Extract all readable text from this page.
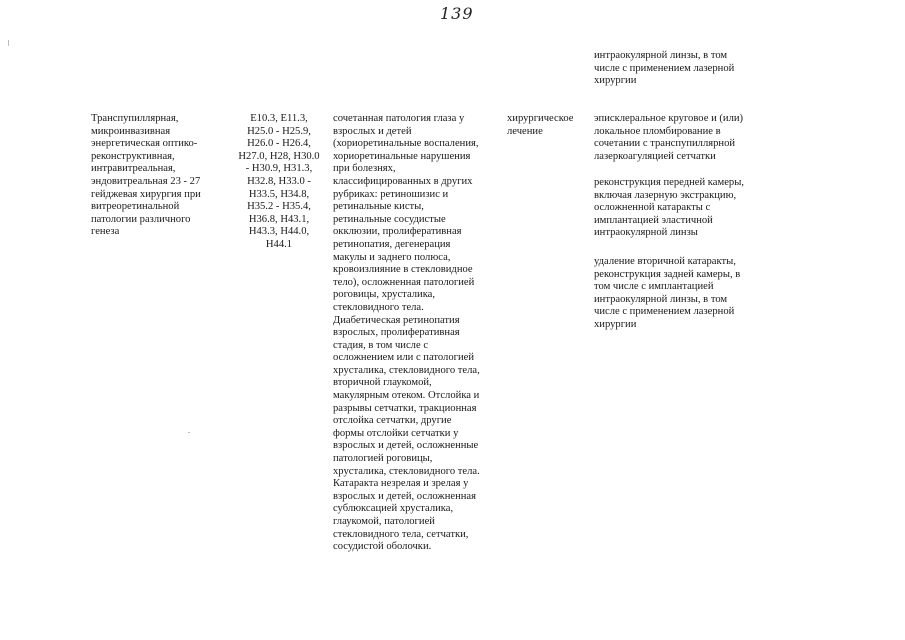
139
Транспупиллярная,
микроинвазивная
энергетическая оптико-
реконструктивная,
интравитреальная,
эндовитреальная 23 - 27
гейджевая хирургия при
витреоретинальной
патологии различного
генеза
E10.3, E11.3,
H25.0 - H25.9,
H26.0 - H26.4,
H27.0, H28, H30.0
- H30.9, H31.3,
H32.8, H33.0 -
H33.5, H34.8,
H35.2 - H35.4,
H36.8, H43.1,
H43.3, H44.0,
H44.1
сочетанная патология глаза у
взрослых и детей
(хориоретинальные воспаления,
хориоретинальные нарушения
при болезнях,
классифицированных в других
рубриках: ретиношизис и
ретинальные кисты,
ретинальные сосудистые
окклюзии, пролиферативная
ретинопатия, дегенерация
макулы и заднего полюса,
кровоизлияние в стекловидное
тело), осложненная патологией
роговицы, хрусталика,
стекловидного тела.
Диабетическая ретинопатия
взрослых, пролиферативная
стадия, в том числе с
осложнением или с патологией
хрусталика, стекловидного тела,
вторичной глаукомой,
макулярным отеком. Отслойка и
разрывы сетчатки, тракционная
отслойка сетчатки, другие
формы отслойки сетчатки у
взрослых и детей, осложненные
патологией роговицы,
хрусталика, стекловидного тела.
Катаракта незрелая и зрелая у
взрослых и детей, осложненная
сублюксацией хрусталика,
глаукомой, патологией
стекловидного тела, сетчатки,
сосудистой оболочки.
хирургическое
лечение
интраокулярной линзы, в том
числе с применением лазерной
хирургии
эписклеральное круговое и (или)
локальное пломбирование в
сочетании с транспупиллярной
лазеркоагуляцией сетчатки
реконструкция передней камеры,
включая лазерную экстракцию,
осложненной катаракты с
имплантацией эластичной
интраокулярной линзы
удаление вторичной катаракты,
реконструкция задней камеры, в
том числе с имплантацией
интраокулярной линзы, в том
числе с применением лазерной
хирургии
